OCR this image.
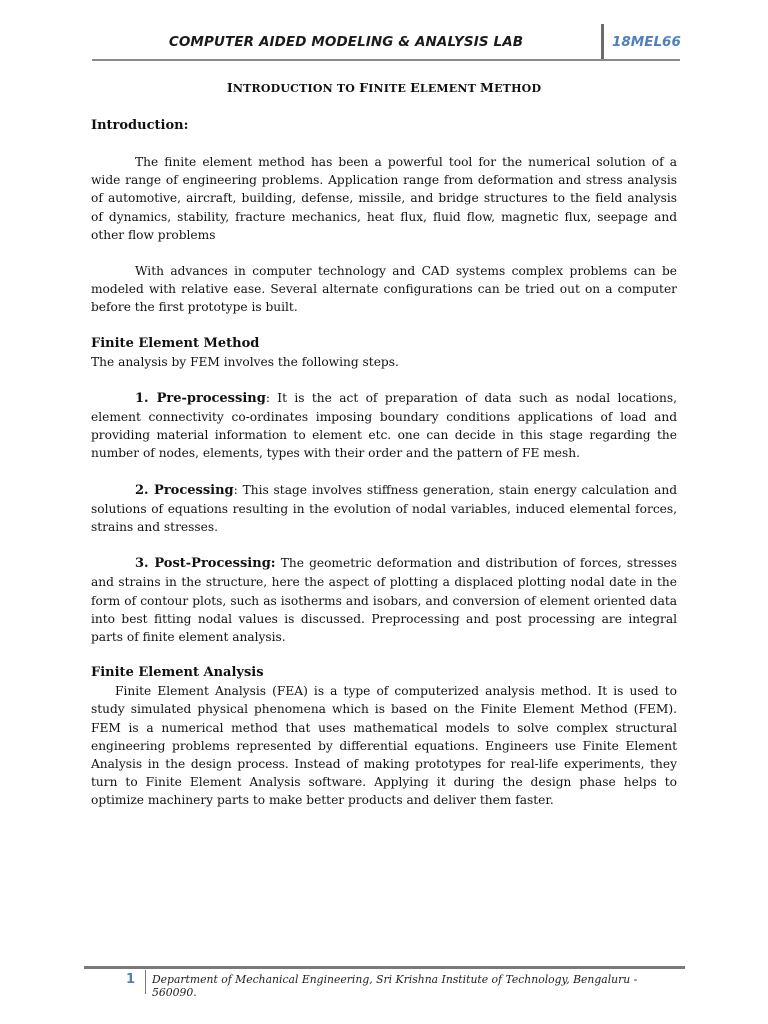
COMPUTER AIDED MODELING & ANALYSIS LAB	18MEL66
INTRODUCTION TO FINITE ELEMENT METHOD
Introduction:

The finite element method has been a powerful tool for the numerical solution of a wide range of engineering problems. Application range from deformation and stress analysis of automotive, aircraft, building, defense, missile, and bridge structures to the field analysis of dynamics, stability, fracture mechanics, heat flux, fluid flow, magnetic flux, seepage and other flow problems

With advances in computer technology and CAD systems complex problems can be modeled with relative ease. Several alternate configurations can be tried out on a computer before the first prototype is built.

Finite Element Method

The analysis by FEM involves the following steps.

1. Pre-processing: It is the act of preparation of data such as nodal locations, element connectivity co-ordinates imposing boundary conditions applications of load and providing material information to element etc. one can decide in this stage regarding the number of nodes, elements, types with their order and the pattern of FE mesh.

2. Processing: This stage involves stiffness generation, stain energy calculation and solutions of equations resulting in the evolution of nodal variables, induced elemental forces, strains and stresses.

3. Post-Processing: The geometric deformation and distribution of forces, stresses and strains in the structure, here the aspect of plotting a displaced plotting nodal date in the form of contour plots, such as isotherms and isobars, and conversion of element oriented data into best fitting nodal values is discussed. Preprocessing and post processing are integral parts of finite element analysis.

Finite Element Analysis

Finite Element Analysis (FEA) is a type of computerized analysis method. It is used to study simulated physical phenomena which is based on the Finite Element Method (FEM). FEM is a numerical method that uses mathematical models to solve complex structural engineering problems represented by differential equations. Engineers use Finite Element Analysis in the design process. Instead of making prototypes for real-life experiments, they turn to Finite Element Analysis software. Applying it during the design phase helps to optimize machinery parts to make better products and deliver them faster.

1 Department of Mechanical Engineering, Sri Krishna Institute of Technology, Bengaluru - 560090.
